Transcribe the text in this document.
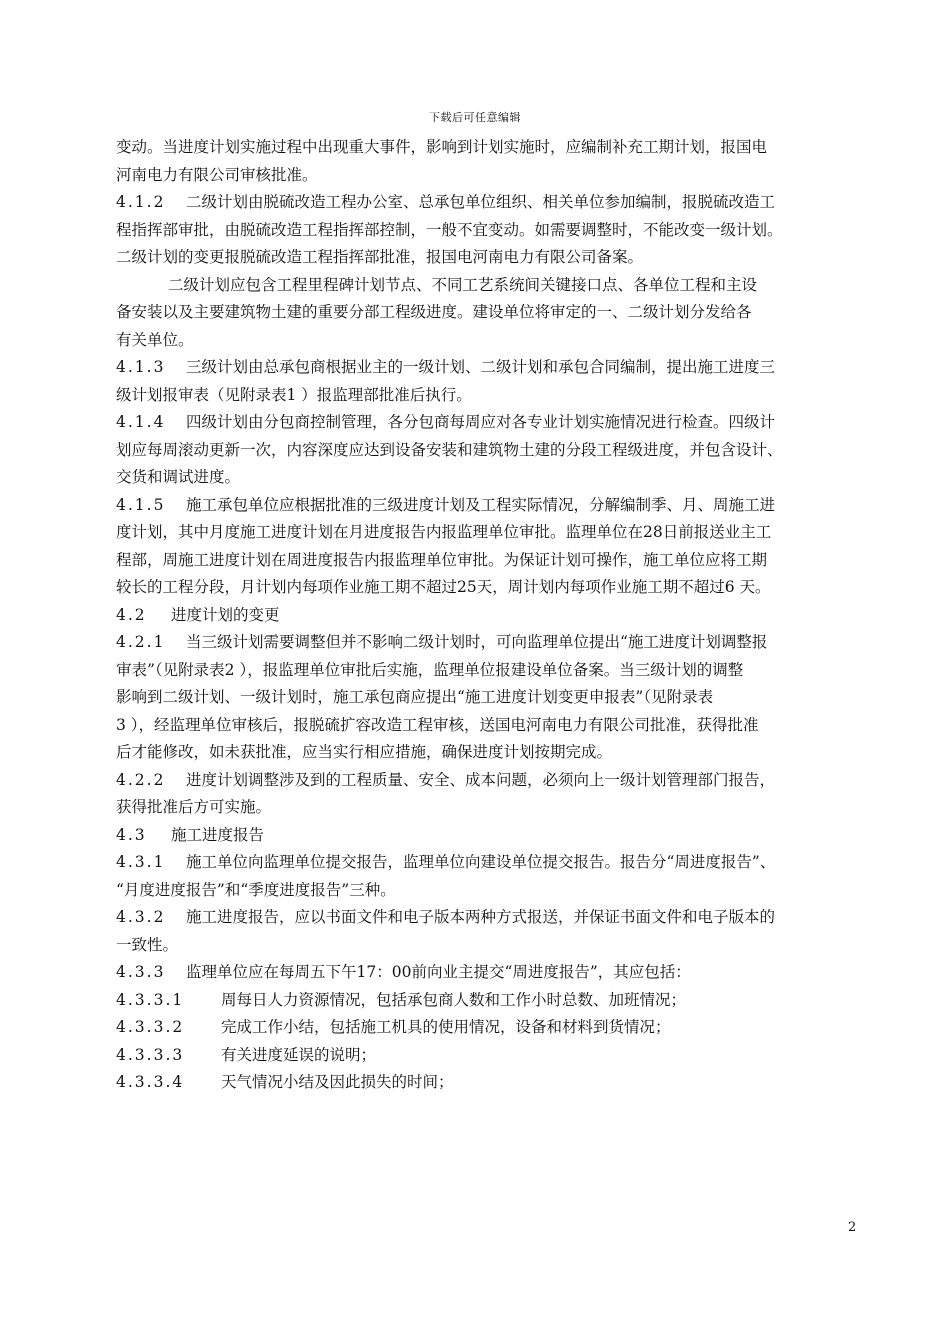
下载后可任意编辑
变动。当进度计划实施过程中出现重大事件，影响到计划实施时，应编制补充工期计划，报国电
河南电力有限公司审核批准。
4.1.2 二级计划由脱硫改造工程办公室、总承包单位组织、相关单位参加编制，报脱硫改造工
程指挥部审批，由脱硫改造工程指挥部控制，一般不宜变动。如需要调整时，不能改变一级计划。
二级计划的变更报脱硫改造工程指挥部批准，报国电河南电力有限公司备案。
二级计划应包含工程里程碑计划节点、不同工艺系统间关键接口点、各单位工程和主设
备安装以及主要建筑物土建的重要分部工程级进度。建设单位将审定的一、二级计划分发给各
有关单位。
4.1.3 三级计划由总承包商根据业主的一级计划、二级计划和承包合同编制，提出施工进度三
级计划报审表（见附录表1 ）报监理部批准后执行。
4.1.4 四级计划由分包商控制管理，各分包商每周应对各专业计划实施情况进行检查。四级计
划应每周滚动更新一次，内容深度应达到设备安装和建筑物土建的分段工程级进度，并包含设计、
交货和调试进度。
4.1.5 施工承包单位应根据批准的三级进度计划及工程实际情况，分解编制季、月、周施工进
度计划，其中月度施工进度计划在月进度报告内报监理单位审批。监理单位在28日前报送业主工
程部，周施工进度计划在周进度报告内报监理单位审批。为保证计划可操作，施工单位应将工期
较长的工程分段，月计划内每项作业施工期不超过25天，周计划内每项作业施工期不超过6 天。
4.2 进度计划的变更
4.2.1 当三级计划需要调整但并不影响二级计划时，可向监理单位提出“施工进度计划调整报
审表”（见附录表2 ），报监理单位审批后实施，监理单位报建设单位备案。当三级计划的调整
影响到二级计划、一级计划时，施工承包商应提出“施工进度计划变更申报表”（见附录表
3 ），经监理单位审核后，报脱硫扩容改造工程审核，送国电河南电力有限公司批准，获得批准
后才能修改，如未获批准，应当实行相应措施，确保进度计划按期完成。
4.2.2 进度计划调整涉及到的工程质量、安全、成本问题，必须向上一级计划管理部门报告，
获得批准后方可实施。
4.3 施工进度报告
4.3.1 施工单位向监理单位提交报告，监理单位向建设单位提交报告。报告分“周进度报告”、
“月度进度报告”和“季度进度报告”三种。
4.3.2 施工进度报告，应以书面文件和电子版本两种方式报送，并保证书面文件和电子版本的
一致性。
4.3.3 监理单位应在每周五下午17：00前向业主提交“周进度报告”，其应包括：
4.3.3.1 周每日人力资源情况，包括承包商人数和工作小时总数、加班情况；
4.3.3.2 完成工作小结，包括施工机具的使用情况，设备和材料到货情况；
4.3.3.3 有关进度延误的说明；
4.3.3.4 天气情况小结及因此损失的时间；
2
